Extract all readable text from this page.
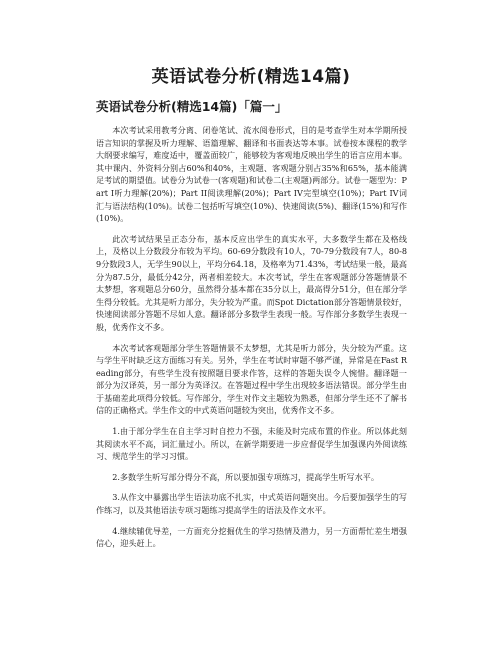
英语试卷分析(精选14篇)
英语试卷分析(精选14篇)「篇一」

本次考试采用教考分离、闭卷笔试、流水阅卷形式，目的是考查学生对本学期所授语言知识的掌握及听力理解、语篇理解、翻译和书面表达等本事。试卷按本课程的教学大纲要求编写，难度适中，覆盖面较广，能够较为客观地反映出学生的语言应用本事。其中课内、外资料分别占60%和40%，主观题、客观题分别占35%和65%，基本能满足考试的期望值。试卷分为试卷一(客观题)和试卷二(主观题)两部分。试卷一题型为：Part I听力理解(20%)；Part II阅读理解(20%)；Part IV完型填空(10%)；Part IV词汇与语法结构(10%)。试卷二包括听写填空(10%)、快速阅读(5%)、翻译(15%)和写作(10%)。

此次考试结果呈正态分布，基本反应出学生的真实水平，大多数学生都在及格线上，及格以上分数段分布较为平均。60-69分数段有10人，70-79分数段有7人，80-89分数段3人，无学生90以上，平均分64.18，及格率为71.43%，考试结果一般，最高分为87.5分，最低分42分，两者相差较大。本次考试，学生在客观题部分答题情景不太梦想，客观题总分60分，虽然得分基本都在35分以上，最高得分51分，但在部分学生得分较低。尤其是听力部分，失分较为严重。而Spot Dictation部分答题情景较好，快速阅读部分答题不尽如人意。翻译部分多数学生表现一般。写作部分多数学生表现一般，优秀作文不多。

本次考试客观题部分学生答题情景不太梦想，尤其是听力部分，失分较为严重。这与学生平时缺乏这方面练习有关。另外，学生在考试时审题不够严谨，异常是在Fast Reading部分，有些学生没有按照题目要求作答，这样的答题失误令人惋惜。翻译题一部分为汉译英，另一部分为英译汉。在答题过程中学生出现较多语法错误。部分学生由于基础差此项得分较低。写作部分，学生对作文主题较为熟悉，但部分学生还不了解书信的正确格式。学生作文的中式英语问题较为突出，优秀作文不多。

1.由于部分学生在自主学习时自控力不强，未能及时完成布置的作业。所以体此刻其阅读水平不高，词汇量过小。所以，在新学期要进一步应督促学生加强课内外阅读练习、规范学生的学习习惯。

2.多数学生听写部分得分不高，所以要加强专项练习，提高学生听写水平。

3.从作文中暴露出学生语法功底不扎实，中式英语问题突出。今后要加强学生的写作练习，以及其他语法专项习题练习提高学生的语法及作文水平。

4.继续辅优导差，一方面充分挖掘优生的学习热情及潜力，另一方面帮忙差生增强信心，迎头赶上。
